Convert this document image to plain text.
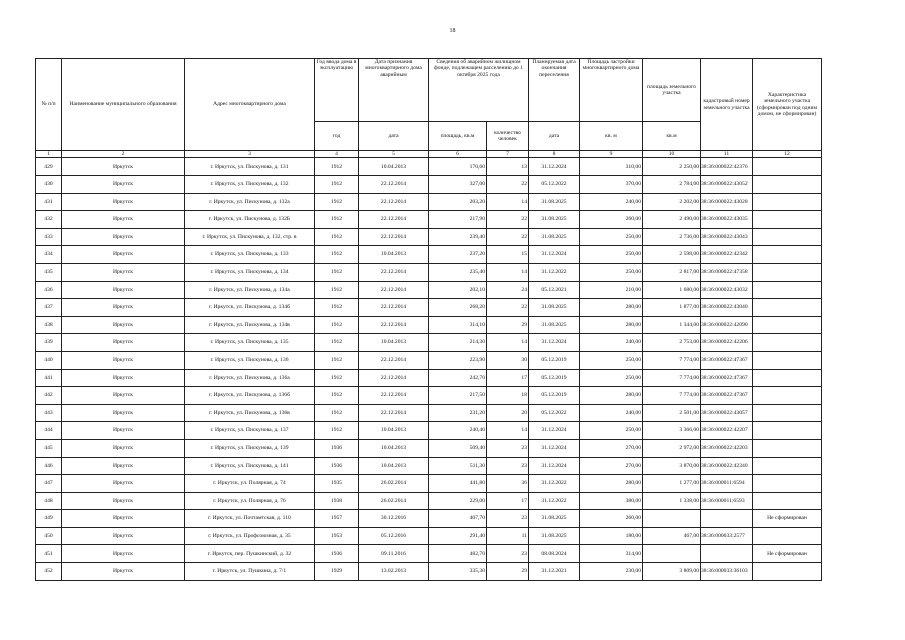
18
№ п/п	Наименование муниципального образования	Адрес многоквартирного дома	Год ввода дома в эксплуатацию	Дата признания многоквартирного дома аварийным	Сведения об аварийном жилищном фонде, подлежащем расселению до 1 октября 2025 года		Планируемая дата окончания переселения	Площадь застройки многоквартирного дома	площадь земельного участка	кадастровый номер земельного участка	Характеристика земельного участка (сформирован под одним домом, не сформирован)
			год	дата	площадь, кв.м	количество человек	дата	кв. м	кв.м		
1	2	3	4	5	6	7	8	9	10	11	12
429	Иркутск	г. Иркутск, ул. Пискунова, д. 131	1912	10.04.2013	170,60	13	31.12.2024	310,00	2 250,00	38:36:000022:42376	
430	Иркутск	г. Иркутск, ул. Пискунова, д. 132	1912	22.12.2014	327,00	22	05.12.2022	370,00	2 784,00	38:36:000022:43052	
431	Иркутск	г. Иркутск, ул. Пискунова, д. 132а	1912	22.12.2014	203,20	14	31.08.2025	240,00	2 202,00	38:36:000022:43028	
432	Иркутск	г. Иркутск, ул. Пискунова, д. 132Б	1912	22.12.2014	217,90	22	31.08.2025	260,00	2 490,00	38:36:000022:43035	
433	Иркутск	г. Иркутск, ул. Пискунова, д. 132, стр. в	1912	22.12.2014	239,40	22	31.08.2025	250,00	2 736,00	38:36:000022:43043	
434	Иркутск	г. Иркутск, ул. Пискунова, д. 133	1912	10.04.2013	237,20	15	31.12.2024	250,00	2 598,00	38:36:000022:42342	
435	Иркутск	г. Иркутск, ул. Пискунова, д. 134	1912	22.12.2014	235,40	14	31.12.2022	250,00	2 817,00	38:36:000022:47358	
436	Иркутск	г. Иркутск, ул. Пискунова, д. 134а	1912	22.12.2014	202,10	24	05.12.2021	210,00	1 680,00	38:36:000022:43032	
437	Иркутск	г. Иркутск, ул. Пискунова, д. 134б	1912	22.12.2014	268,20	22	31.08.2025	280,00	1 877,00	38:36:000022:43040	
438	Иркутск	г. Иркутск, ул. Пискунова, д. 134в	1912	22.12.2014	314,10	29	31.08.2025	280,00	1 344,00	38:36:000022:42090	
439	Иркутск	г. Иркутск, ул. Пискунова, д. 135	1912	10.04.2013	214,30	14	31.12.2024	240,00	2 753,00	38:36:000022:42206	
440	Иркутск	г. Иркутск, ул. Пискунова, д. 136	1912	22.12.2014	223,90	30	05.12.2019	250,00	7 774,00	38:36:000022:47367	
441	Иркутск	г. Иркутск, ул. Пискунова, д. 136а	1912	22.12.2014	242,70	17	05.12.2019	250,00	7 774,00	38:36:000022:47367	
442	Иркутск	г. Иркутск, ул. Пискунова, д. 136б	1912	22.12.2014	217,50	18	05.12.2019	280,00	7 774,00	38:36:000022:47367	
443	Иркутск	г. Иркутск, ул. Пискунова, д. 136в	1912	22.12.2014	231,20	20	05.12.2022	240,00	2 501,00	38:36:000022:43057	
444	Иркутск	г. Иркутск, ул. Пискунова, д. 137	1912	10.04.2013	240,40	14	31.12.2024	250,00	3 366,00	38:36:000022:42207	
445	Иркутск	г. Иркутск, ул. Пискунова, д. 139	1936	10.04.2013	509,40	23	31.12.2024	270,00	2 972,00	38:36:000022:42203	
446	Иркутск	г. Иркутск, ул. Пискунова, д. 141	1936	10.04.2013	511,30	23	31.12.2024	270,00	3 870,00	38:36:000022:42340	
447	Иркутск	г. Иркутск, ул. Полярная, д. 74	1935	26.02.2014	441,80	36	31.12.2022	280,00	1 277,00	38:36:000011:6594	
448	Иркутск	г. Иркутск, ул. Полярная, д. 76	1938	26.02.2014	229,00	17	31.12.2022	380,00	1 338,00	38:36:000011:6593	
449	Иркутск	г. Иркутск, ул. Почтамтская, д. 110	1957	30.12.2016	407,70	23	31.08.2025	260,00			Не сформирован
450	Иркутск	г. Иркутск, ул. Профсоюзная, д. 35	1953	05.12.2016	291,40	11	31.08.2025	180,00	467,00	38:36:000033:2577	
451	Иркутск	г. Иркутск, пер. Пушкинский, д. 32	1936	09.11.2016	482,70	23	08.08.2024	314,00			Не сформирован
452	Иркутск	г. Иркутск, ул. Пушкина, д. 7/1	1929	13.02.2013	335,30	29	31.12.2021	230,00	3 809,00	38:36:000033:36103	
